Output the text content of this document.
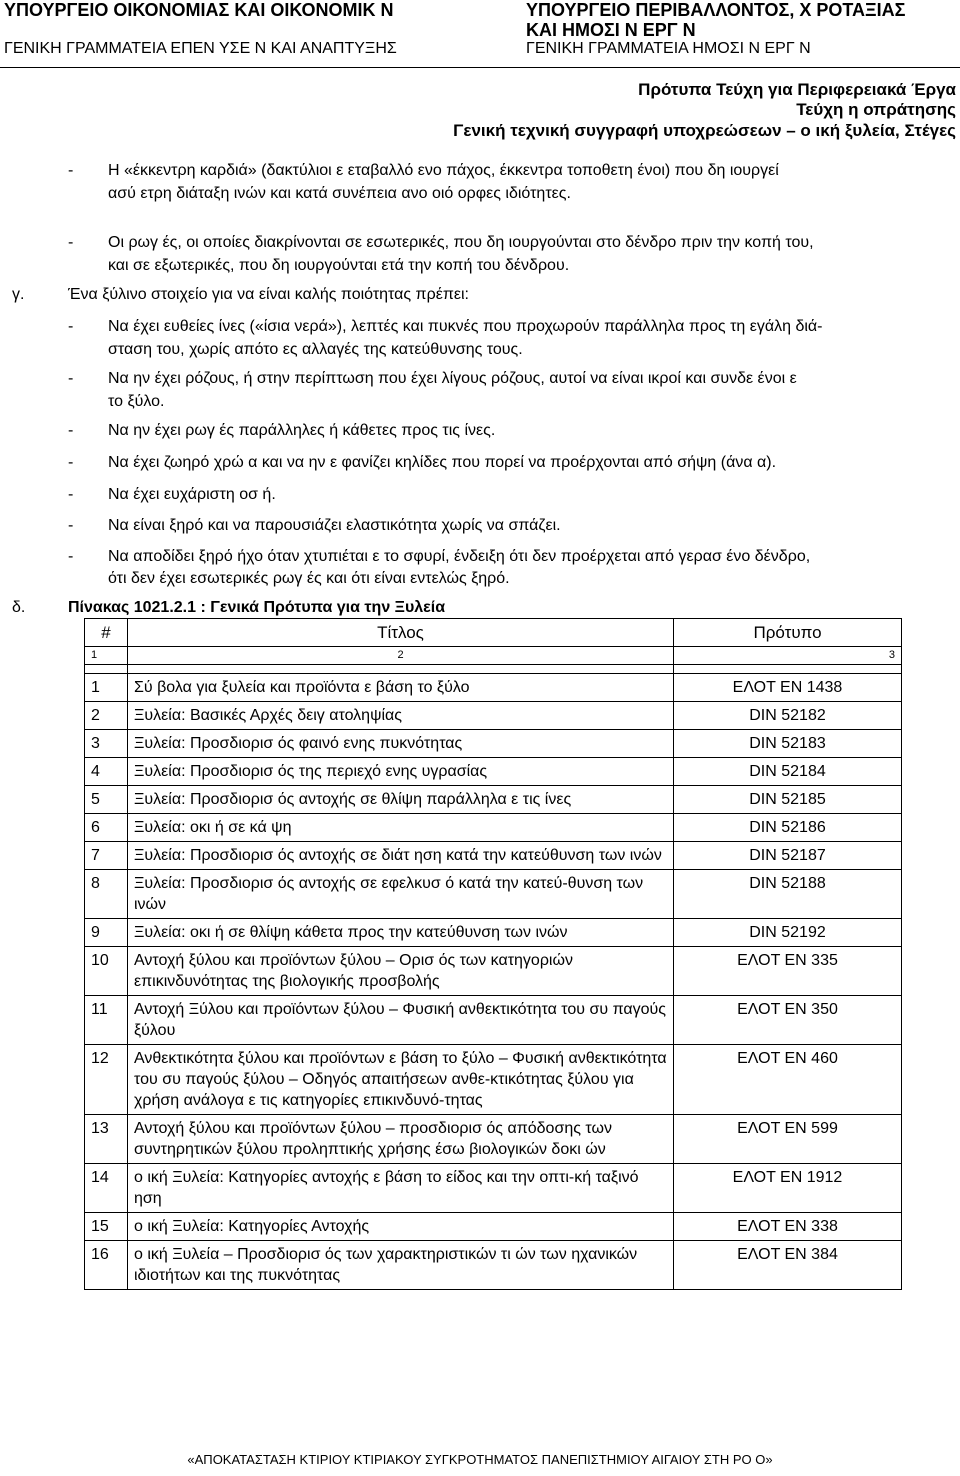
ΥΠΟΥΡΓΕΙΟ ΟΙΚΟΝΟΜΙΑΣ ΚΑΙ ΟΙΚΟΝΟΜΙΚ Ν
ΓΕΝΙΚΗ ΓΡΑΜΜΑΤΕΙΑ ΕΠΕΝ ΥΣΕ Ν ΚΑΙ ΑΝΑΠΤΥΞΗΣ
ΥΠΟΥΡΓΕΙΟ ΠΕΡΙΒΑΛΛΟΝΤΟΣ, Χ ΡΟΤΑΞΙΑΣ
ΚΑΙ ΗΜΟΣΙ Ν ΕΡΓ Ν
ΓΕΝΙΚΗ ΓΡΑΜΜΑΤΕΙΑ ΗΜΟΣΙ Ν ΕΡΓ Ν
Πρότυπα Τεύχη για Περιφερειακά Έργα
Τεύχη η οπράτησης
Γενική τεχνική συγγραφή υποχρεώσεων – ο ική ξυλεία, Στέγες
- Η «έκκεντρη καρδιά» (δακτύλιοι ε εταβαλλό ενο πάχος, έκκεντρα τοποθετη ένοι) που δη ιουργεί
ασύ ετρη διάταξη ινών και κατά συνέπεια ανο οιό ορφες ιδιότητες.
- Οι ρωγ ές, οι οποίες διακρίνονται σε εσωτερικές, που δη ιουργούνται στο δένδρο πριν την κοπή του,
και σε εξωτερικές, που δη ιουργούνται ετά την κοπή του δένδρου.
γ.	Ένα ξύλινο στοιχείο για να είναι καλής ποιότητας πρέπει:
- Να έχει ευθείες ίνες («ίσια νερά»), λεπτές και πυκνές που προχωρούν παράλληλα προς τη εγάλη διά-
σταση του, χωρίς απότο ες αλλαγές της κατεύθυνσης τους.
- Να ην έχει ρόζους, ή στην περίπτωση που έχει λίγους ρόζους, αυτοί να είναι ικροί και συνδε ένοι ε
το ξύλο.
- Να ην έχει ρωγ ές παράλληλες ή κάθετες προς τις ίνες.
- Να έχει ζωηρό χρώ α και να ην ε φανίζει κηλίδες που πορεί να προέρχονται από σήψη (άνα α).
- Να έχει ευχάριστη οσ ή.
- Να είναι ξηρό και να παρουσιάζει ελαστικότητα χωρίς να σπάζει.
- Να αποδίδει ξηρό ήχο όταν χτυπιέται ε το σφυρί, ένδειξη ότι δεν προέρχεται από γερασ ένο δένδρο,
ότι δεν έχει εσωτερικές ρωγ ές και ότι είναι εντελώς ξηρό.
δ.	Πίνακας 1021.2.1 : Γενικά Πρότυπα για την Ξυλεία
#	Τίτλος	Πρότυπο
1	2	3

1	Σύ βολα για ξυλεία και προϊόντα ε βάση το ξύλο	ΕΛΟΤ EN 1438
2	Ξυλεία: Βασικές Αρχές δειγ ατοληψίας	DIN 52182
3	Ξυλεία: Προσδιορισ ός φαινό ενης πυκνότητας	DIN 52183
4	Ξυλεία: Προσδιορισ ός της περιεχό ενης υγρασίας	DIN 52184
5	Ξυλεία: Προσδιορισ ός αντοχής σε θλίψη παράλληλα ε τις ίνες	DIN 52185
6	Ξυλεία: οκι ή σε κά ψη	DIN 52186
7	Ξυλεία: Προσδιορισ ός αντοχής σε διάτ ηση κατά την κατεύθυνση των ινών	DIN 52187
8	Ξυλεία: Προσδιορισ ός αντοχής σε εφελκυσ ό κατά την κατεύ-θυνση των ινών	DIN 52188
9	Ξυλεία: οκι ή σε θλίψη κάθετα προς την κατεύθυνση των ινών	DIN 52192
10	Αντοχή ξύλου και προϊόντων ξύλου – Ορισ ός των κατηγοριών επικινδυνότητας της βιολογικής προσβολής	ΕΛΟΤ EN 335
11	Αντοχή Ξύλου και προϊόντων ξύλου – Φυσική ανθεκτικότητα του συ παγούς ξύλου	ΕΛΟΤ EN 350
12	Ανθεκτικότητα ξύλου και προϊόντων ε βάση το ξύλο – Φυσική ανθεκτικότητα του συ παγούς ξύλου – Οδηγός απαιτήσεων ανθε-κτικότητας ξύλου για χρήση ανάλογα ε τις κατηγορίες επικινδυνό-τητας	ΕΛΟΤ EN 460
13	Αντοχή ξύλου και προϊόντων ξύλου – προσδιορισ ός απόδοσης των συντηρητικών ξύλου προληπτικής χρήσης έσω βιολογικών δοκι ών	ΕΛΟΤ EN 599
14	ο ική Ξυλεία: Κατηγορίες αντοχής ε βάση το είδος και την οπτι-κή ταξινό ηση	ΕΛΟΤ EN 1912
15	ο ική Ξυλεία: Κατηγορίες Αντοχής	ΕΛΟΤ EN 338
16	ο ική Ξυλεία – Προσδιορισ ός των χαρακτηριστικών τι ών των ηχανικών ιδιοτήτων και της πυκνότητας	ΕΛΟΤ EN 384
«ΑΠΟΚΑΤΑΣΤΑΣΗ ΚΤΙΡΙΟΥ ΚΤΙΡΙΑΚΟΥ ΣΥΓΚΡΟΤΗΜΑΤΟΣ ΠΑΝΕΠΙΣΤΗΜΙΟΥ ΑΙΓΑΙΟΥ ΣΤΗ ΡΟ Ο»
